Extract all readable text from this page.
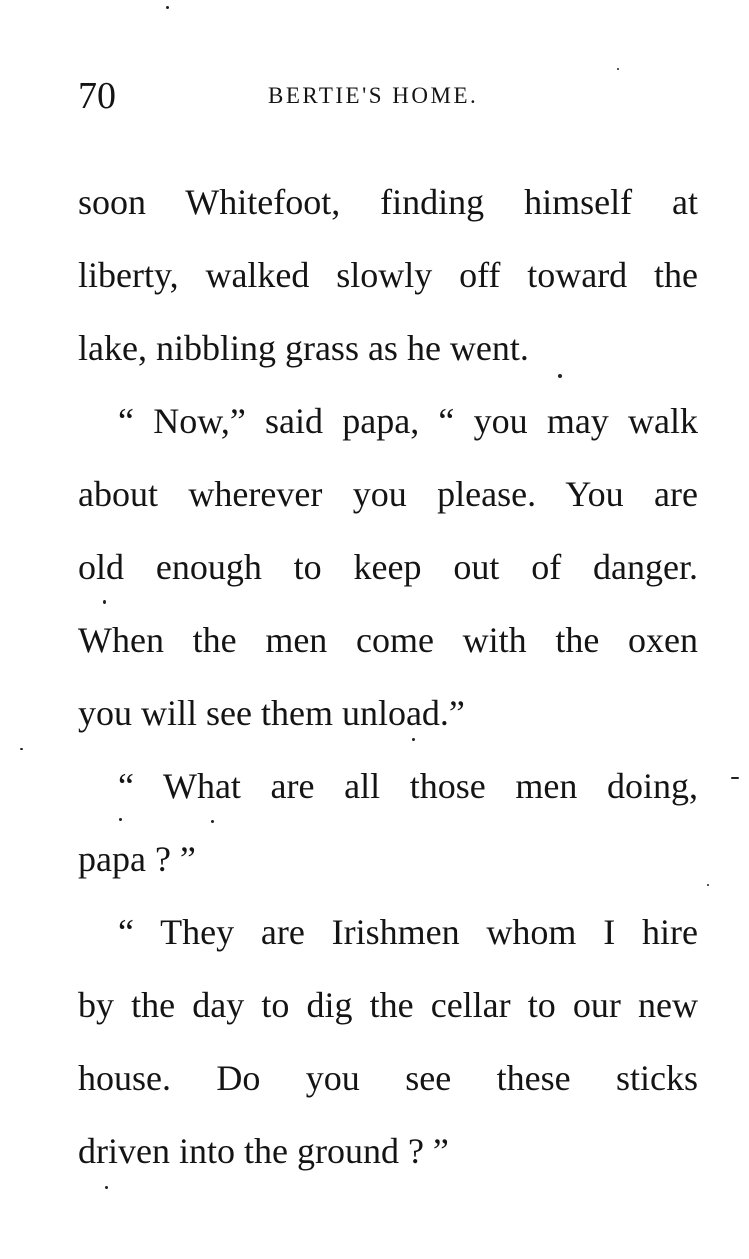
70	BERTIE'S HOME.
soon Whitefoot, finding himself at
liberty, walked slowly off toward the
lake, nibbling grass as he went.
“ Now,” said papa, “ you may walk
about wherever you please. You are
old enough to keep out of danger.
When the men come with the oxen
you will see them unload.”
“ What are all those men doing,
papa ? ”
“ They are Irishmen whom I hire
by the day to dig the cellar to our new
house. Do you see these sticks
driven into the ground ? ”
